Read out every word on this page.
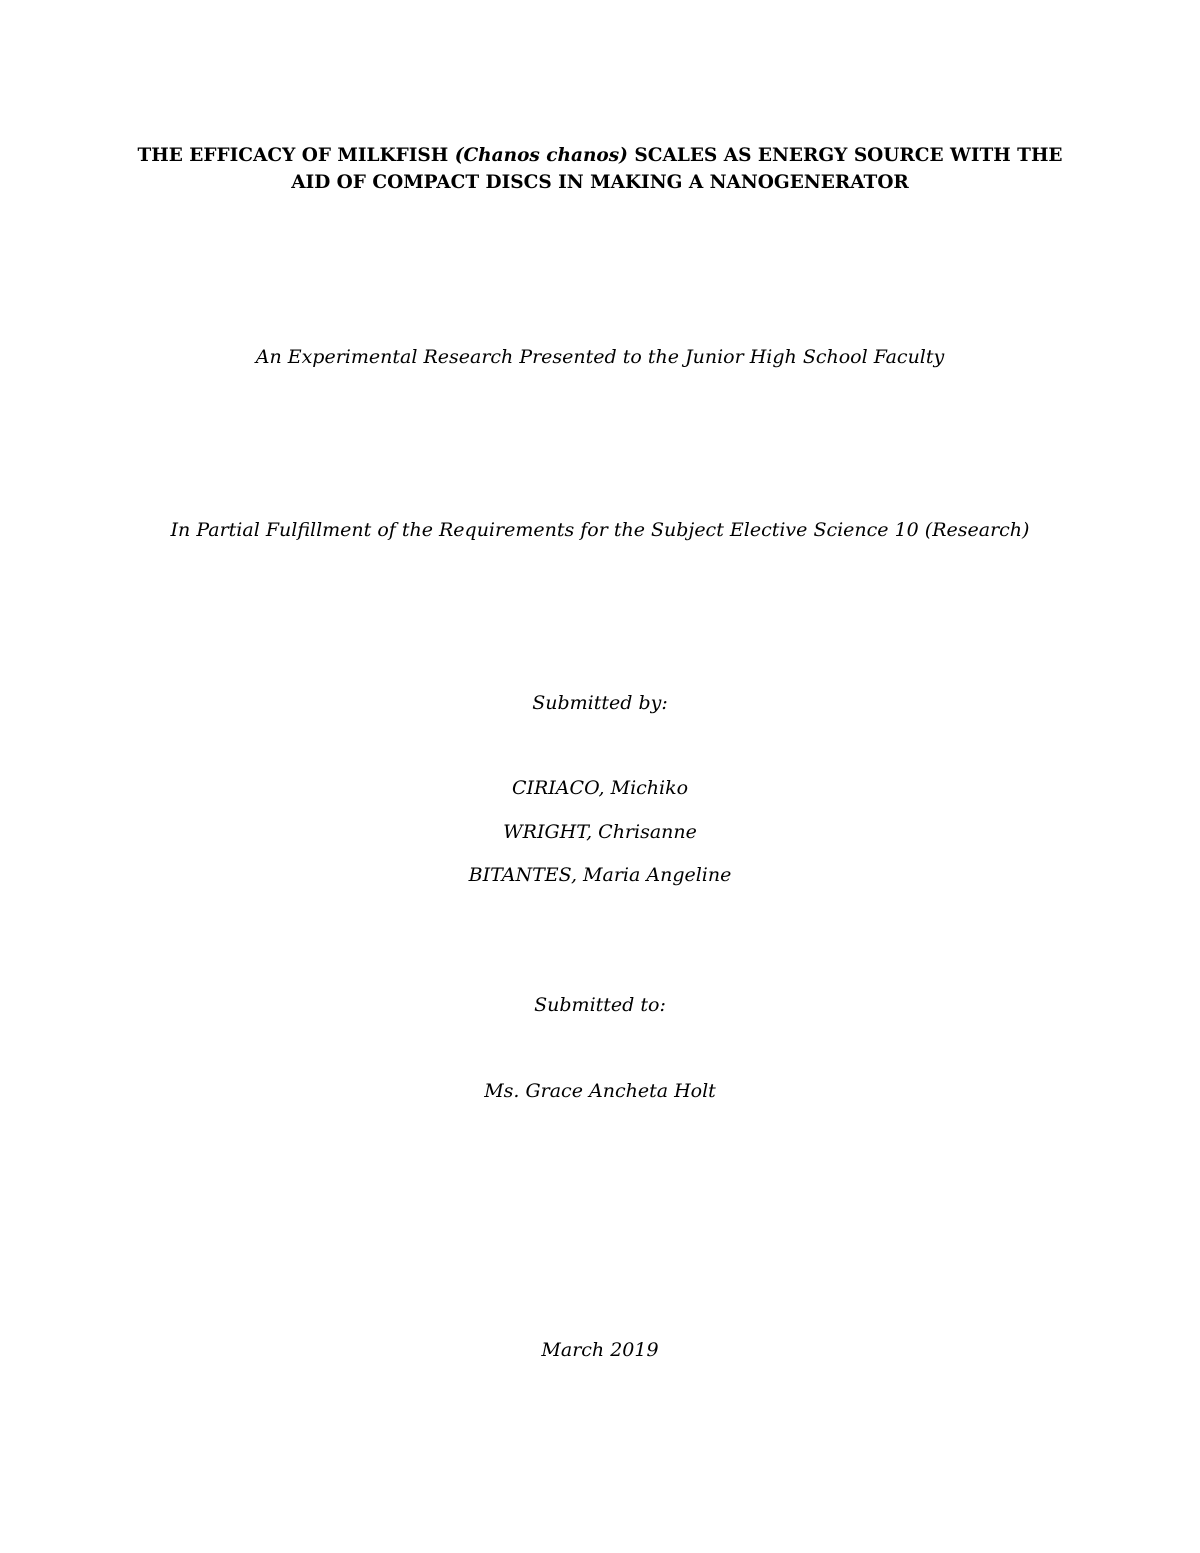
THE EFFICACY OF MILKFISH (Chanos chanos) SCALES AS ENERGY SOURCE WITH THE
AID OF COMPACT DISCS IN MAKING A NANOGENERATOR
An Experimental Research Presented to the Junior High School Faculty
In Partial Fulfillment of the Requirements for the Subject Elective Science 10 (Research)
Submitted by:
CIRIACO, Michiko
WRIGHT, Chrisanne
BITANTES, Maria Angeline
Submitted to:
Ms. Grace Ancheta Holt
March 2019
